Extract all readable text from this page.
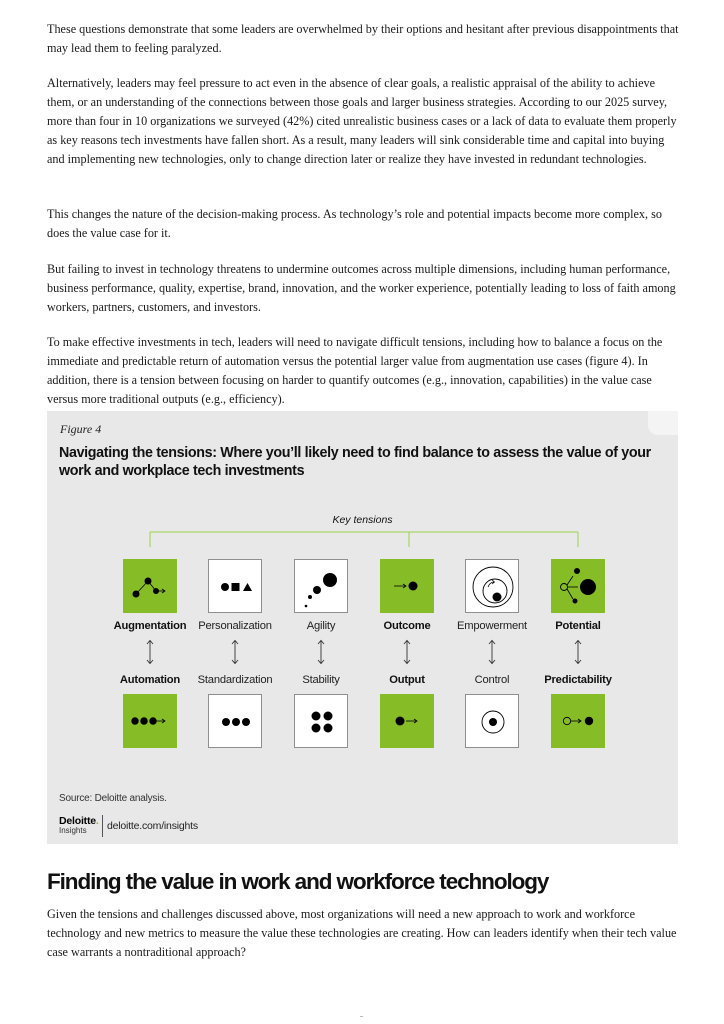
These questions demonstrate that some leaders are overwhelmed by their options and hesitant after previous disappointments that may lead them to feeling paralyzed.

Alternatively, leaders may feel pressure to act even in the absence of clear goals, a realistic appraisal of the ability to achieve them, or an understanding of the connections between those goals and larger business strategies. According to our 2025 survey, more than four in 10 organizations we surveyed (42%) cited unrealistic business cases or a lack of data to evaluate them properly as key reasons tech investments have fallen short. As a result, many leaders will sink considerable time and capital into buying and implementing new technologies, only to change direction later or realize they have invested in redundant technologies.

This changes the nature of the decision-making process. As technology’s role and potential impacts become more complex, so does the value case for it.

But failing to invest in technology threatens to undermine outcomes across multiple dimensions, including human performance, business performance, quality, expertise, brand, innovation, and the worker experience, potentially leading to loss of faith among workers, partners, customers, and investors.

To make effective investments in tech, leaders will need to navigate difficult tensions, including how to balance a focus on the immediate and predictable return of automation versus the potential larger value from augmentation use cases (figure 4). In addition, there is a tension between focusing on harder to quantify outcomes (e.g., innovation, capabilities) in the value case versus more traditional outputs (e.g., efficiency).

Figure 4
Navigating the tensions: Where you’ll likely need to find balance to assess the value of your work and workplace tech investments
Key tensions
Augmentation	Personalization	Agility	Outcome	Empowerment	Potential
Automation	Standardization	Stability	Output	Control	Predictability
Source: Deloitte analysis.
Deloitte.
Insights deloitte.com/insights
Finding the value in work and workforce technology

Given the tensions and challenges discussed above, most organizations will need a new approach to work and workforce technology and new metrics to measure the value these technologies are creating. How can leaders identify when their tech value case warrants a nontraditional approach?
